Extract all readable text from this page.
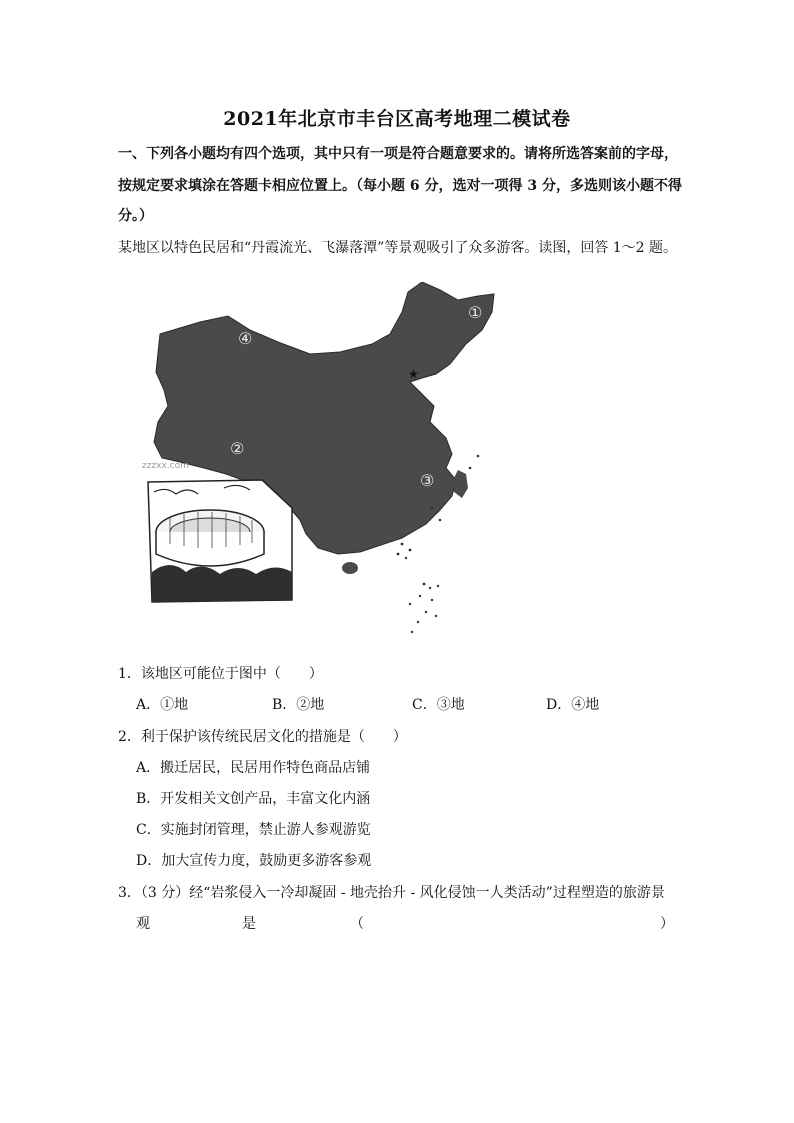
2021年北京市丰台区高考地理二模试卷
一、下列各小题均有四个选项，其中只有一项是符合题意要求的。请将所选答案前的字母，
按规定要求填涂在答题卡相应位置上。（每小题 6 分，选对一项得 3 分，多选则该小题不得
分。）
某地区以特色民居和“丹霞流光、飞瀑落潭”等景观吸引了众多游客。读图，回答 1～2 题。
★
zzzxx.com
①
④
②
③
1．该地区可能位于图中（　　）
A．①地	B．②地	C．③地	D．④地
2．利于保护该传统民居文化的措施是（　　）
A．搬迁居民，民居用作特色商品店铺
B．开发相关文创产品，丰富文化内涵
C．实施封闭管理，禁止游人参观游览
D．加大宣传力度，鼓励更多游客参观
3．（3 分）经“岩浆侵入一冷却凝固 - 地壳抬升 - 风化侵蚀一人类活动”过程塑造的旅游景
观	是	（	）
